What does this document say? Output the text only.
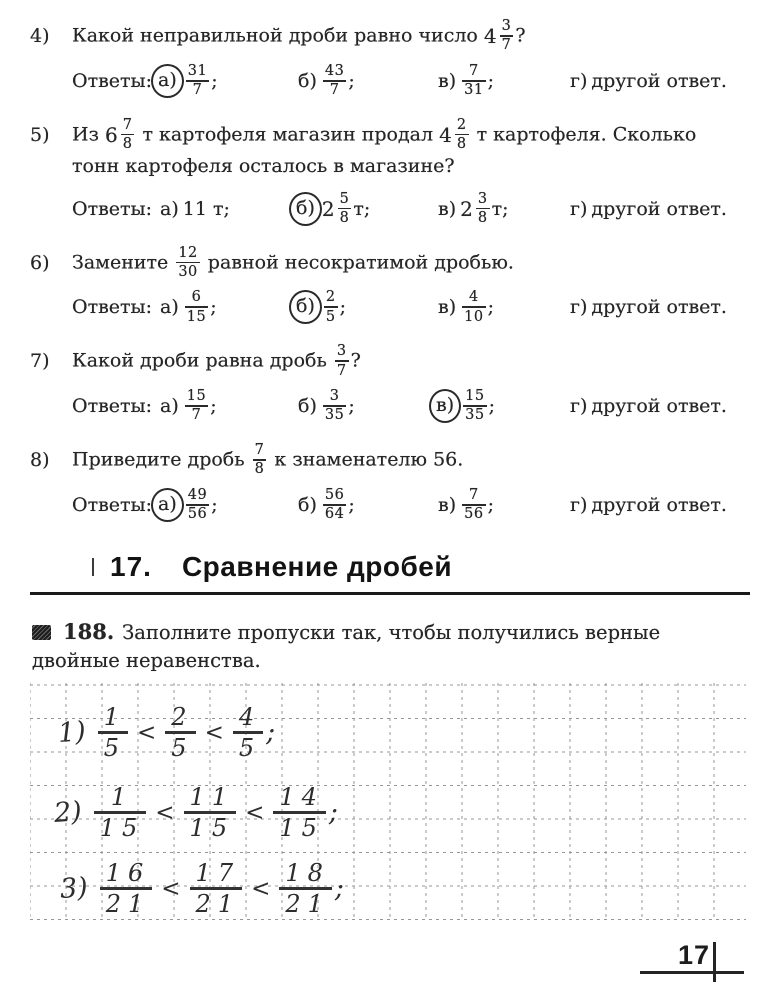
4)	Какой неправильной дроби равно число $4 \frac{3}{7}$ ?
Ответы: $а) \frac{31}{7}$ ;	$б) \frac{43}{7}$ ;	$в) \frac{7}{31}$ ;	г) другой ответ.
5)	Из $6 \frac{7}{8}$ т картофеля магазин продал $4 \frac{2}{8}$ т картофеля. Сколько тонн картофеля осталось в магазине?
Ответы: а) 11 т;	б) $2 \frac{5}{8} т$;	в) $2 \frac{3}{8} т$;	г) другой ответ.
6)	Замените $\frac{12}{30}$ равной несократимой дробью.
Ответы: $а) \frac{6}{15}$ ;	$б) \frac{2}{5}$ ;	$в) \frac{4}{10}$ ;	г) другой ответ.
7)	Какой дроби равна дробь $\frac{3}{7}$ ?
Ответы: $а) \frac{15}{7}$ ;	$б) \frac{3}{35}$ ;	$в) \frac{15}{35}$ ;	г) другой ответ.
8)	Приведите дробь $\frac{7}{8}$ к знаменателю 56.
Ответы: $а) \frac{49}{56}$ ;	$б) \frac{56}{64}$ ;	$в) \frac{7}{56}$ ;	г) другой ответ.
17. Сравнение дробей
188. Заполните пропуски так, чтобы получились верные двойные неравенства.
$1) \frac{1}{5} < \frac{2}{5} < \frac{4}{5}$ ;
$2) \frac{1}{15} < \frac{11}{15} < \frac{14}{15}$ ;
$3) \frac{16}{21} < \frac{17}{21} < \frac{18}{21}$ ;
17
